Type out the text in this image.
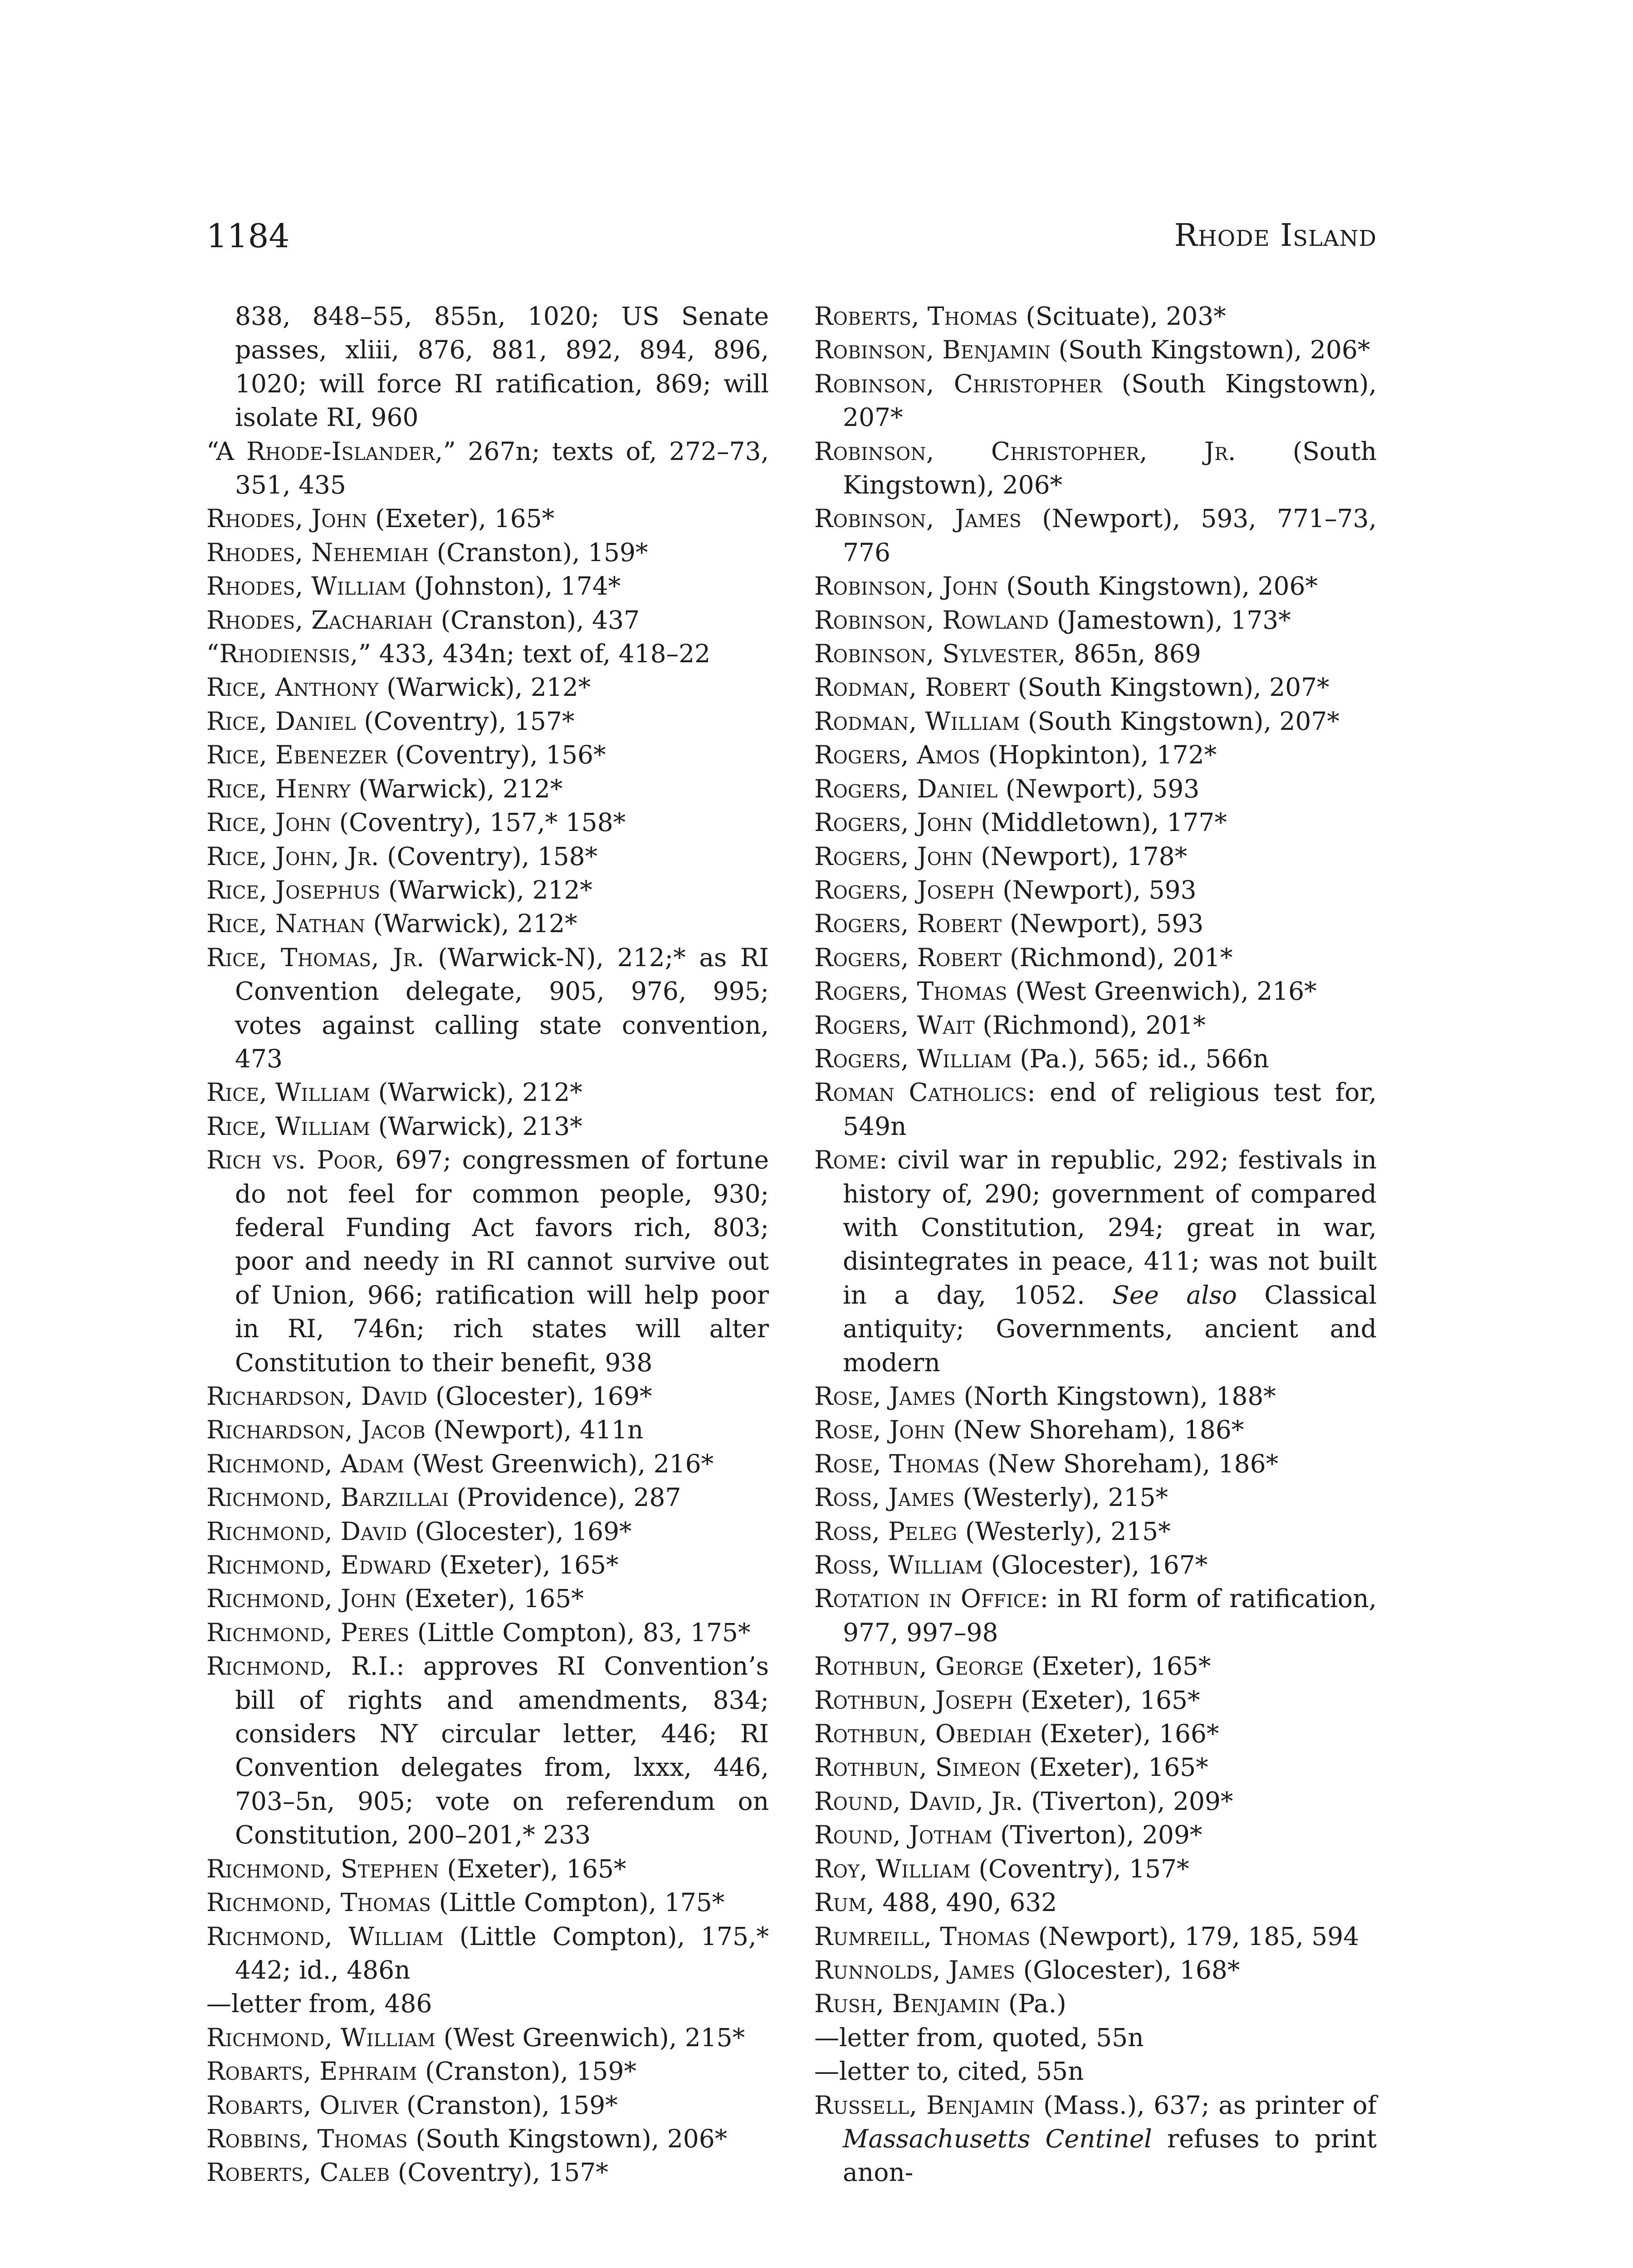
1184	Rhode Island
838, 848–55, 855n, 1020; US Senate passes, xliii, 876, 881, 892, 894, 896, 1020; will force RI ratification, 869; will isolate RI, 960
“A Rhode-Islander,” 267n; texts of, 272–73, 351, 435
Rhodes, John (Exeter), 165*
Rhodes, Nehemiah (Cranston), 159*
Rhodes, William (Johnston), 174*
Rhodes, Zachariah (Cranston), 437
“Rhodiensis,” 433, 434n; text of, 418–22
Rice, Anthony (Warwick), 212*
Rice, Daniel (Coventry), 157*
Rice, Ebenezer (Coventry), 156*
Rice, Henry (Warwick), 212*
Rice, John (Coventry), 157,* 158*
Rice, John, Jr. (Coventry), 158*
Rice, Josephus (Warwick), 212*
Rice, Nathan (Warwick), 212*
Rice, Thomas, Jr. (Warwick-N), 212;* as RI Convention delegate, 905, 976, 995; votes against calling state convention, 473
Rice, William (Warwick), 212*
Rice, William (Warwick), 213*
Rich vs. Poor, 697; congressmen of fortune do not feel for common people, 930; federal Funding Act favors rich, 803; poor and needy in RI cannot survive out of Union, 966; ratification will help poor in RI, 746n; rich states will alter Constitution to their benefit, 938
Richardson, David (Glocester), 169*
Richardson, Jacob (Newport), 411n
Richmond, Adam (West Greenwich), 216*
Richmond, Barzillai (Providence), 287
Richmond, David (Glocester), 169*
Richmond, Edward (Exeter), 165*
Richmond, John (Exeter), 165*
Richmond, Peres (Little Compton), 83, 175*
Richmond, R.I.: approves RI Convention’s bill of rights and amendments, 834; considers NY circular letter, 446; RI Convention delegates from, lxxx, 446, 703–5n, 905; vote on referendum on Constitution, 200–201,* 233
Richmond, Stephen (Exeter), 165*
Richmond, Thomas (Little Compton), 175*
Richmond, William (Little Compton), 175,* 442; id., 486n
—letter from, 486
Richmond, William (West Greenwich), 215*
Robarts, Ephraim (Cranston), 159*
Robarts, Oliver (Cranston), 159*
Robbins, Thomas (South Kingstown), 206*
Roberts, Caleb (Coventry), 157*
Roberts, Thomas (Scituate), 203*
Robinson, Benjamin (South Kingstown), 206*
Robinson, Christopher (South Kingstown), 207*
Robinson, Christopher, Jr. (South Kingstown), 206*
Robinson, James (Newport), 593, 771–73, 776
Robinson, John (South Kingstown), 206*
Robinson, Rowland (Jamestown), 173*
Robinson, Sylvester, 865n, 869
Rodman, Robert (South Kingstown), 207*
Rodman, William (South Kingstown), 207*
Rogers, Amos (Hopkinton), 172*
Rogers, Daniel (Newport), 593
Rogers, John (Middletown), 177*
Rogers, John (Newport), 178*
Rogers, Joseph (Newport), 593
Rogers, Robert (Newport), 593
Rogers, Robert (Richmond), 201*
Rogers, Thomas (West Greenwich), 216*
Rogers, Wait (Richmond), 201*
Rogers, William (Pa.), 565; id., 566n
Roman Catholics: end of religious test for, 549n
Rome: civil war in republic, 292; festivals in history of, 290; government of compared with Constitution, 294; great in war, disintegrates in peace, 411; was not built in a day, 1052. See also Classical antiquity; Governments, ancient and modern
Rose, James (North Kingstown), 188*
Rose, John (New Shoreham), 186*
Rose, Thomas (New Shoreham), 186*
Ross, James (Westerly), 215*
Ross, Peleg (Westerly), 215*
Ross, William (Glocester), 167*
Rotation in Office: in RI form of ratification, 977, 997–98
Rothbun, George (Exeter), 165*
Rothbun, Joseph (Exeter), 165*
Rothbun, Obediah (Exeter), 166*
Rothbun, Simeon (Exeter), 165*
Round, David, Jr. (Tiverton), 209*
Round, Jotham (Tiverton), 209*
Roy, William (Coventry), 157*
Rum, 488, 490, 632
Rumreill, Thomas (Newport), 179, 185, 594
Runnolds, James (Glocester), 168*
Rush, Benjamin (Pa.)
—letter from, quoted, 55n
—letter to, cited, 55n
Russell, Benjamin (Mass.), 637; as printer of Massachusetts Centinel refuses to print anon-
